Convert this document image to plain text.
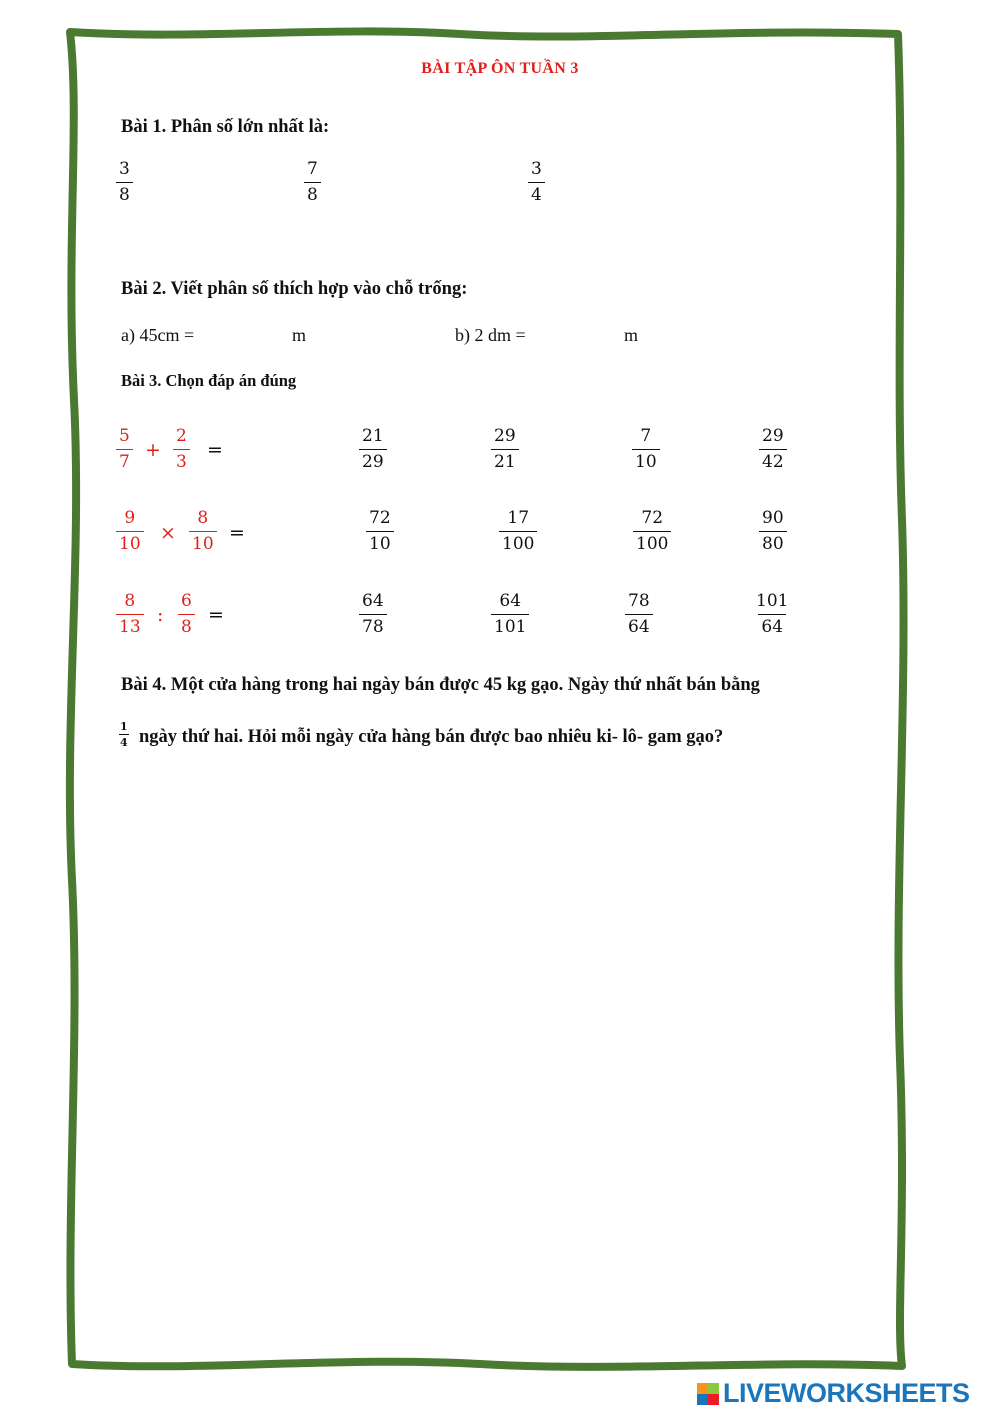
BÀI TẬP ÔN TUẦN 3
Bài 1. Phân số lớn nhất là:
$\frac{3}{8}$	$\frac{7}{8}$	$\frac{3}{4}$
Bài 2. Viết phân số thích hợp vào chỗ trống:
a) 45cm =	m	b) 2 dm =	m
Bài 3. Chọn đáp án đúng
$\frac{5}{7} + \frac{2}{3}$ =	$\frac{21}{29}$	$\frac{29}{21}$	$\frac{7}{10}$	$\frac{29}{42}$
$\frac{9}{10} \times \frac{8}{10}$ =	$\frac{72}{10}$	$\frac{17}{100}$	$\frac{72}{100}$	$\frac{90}{80}$
$\frac{8}{13}$ : $\frac{6}{8}$ =	$\frac{64}{78}$	$\frac{64}{101}$	$\frac{78}{64}$	$\frac{101}{64}$
Bài 4. Một cửa hàng trong hai ngày bán được 45 kg gạo. Ngày thứ nhất bán bằng
$\frac{1}{4}$ ngày thứ hai. Hỏi mỗi ngày cửa hàng bán được bao nhiêu ki- lô- gam gạo?
LIVEWORKSHEETS
